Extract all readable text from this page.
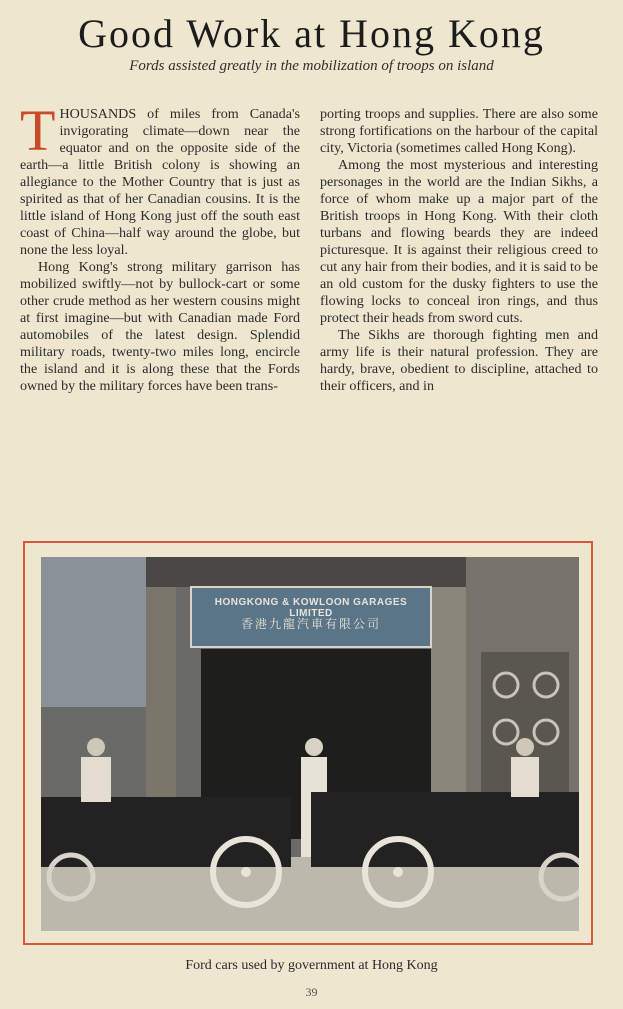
Good Work at Hong Kong
Fords assisted greatly in the mobilization of troops on island

THOUSANDS of miles from Canada's invigorating climate—down near the equator and on the opposite side of the earth—a little British colony is showing an allegiance to the Mother Country that is just as spirited as that of her Canadian cousins. It is the little island of Hong Kong just off the south east coast of China—half way around the globe, but none the less loyal.

Hong Kong's strong military garrison has mobilized swiftly—not by bullock-cart or some other crude method as her western cousins might at first imagine—but with Canadian made Ford automobiles of the latest design. Splendid military roads, twenty-two miles long, encircle the island and it is along these that the Fords owned by the military forces have been trans-

porting troops and supplies. There are also some strong fortifications on the harbour of the capital city, Victoria (sometimes called Hong Kong).

Among the most mysterious and interesting personages in the world are the Indian Sikhs, a force of whom make up a major part of the British troops in Hong Kong. With their cloth turbans and flowing beards they are indeed picturesque. It is against their religious creed to cut any hair from their bodies, and it is said to be an old custom for the dusky fighters to use the flowing locks to conceal iron rings, and thus protect their heads from sword cuts.

The Sikhs are thorough fighting men and army life is their natural profession. They are hardy, brave, obedient to discipline, attached to their officers, and in

HONGKONG & KOWLOON GARAGES LIMITED
香港九龍汽車有限公司
Ford cars used by government at Hong Kong
39
